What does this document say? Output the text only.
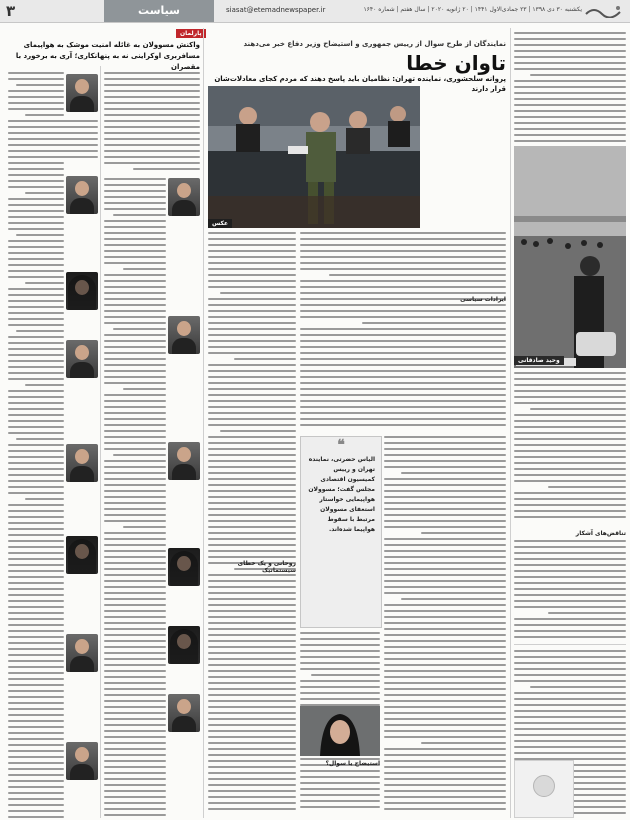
۳	سیاست	siasat@etemadnewspaper.ir	یکشنبه ۳۰ دی ۱۳۹۸ | ۲۳ جمادی‌الاول ۱۴۴۱ | ۲۰ ژانویه ۲۰۲۰ | سال هفتم | شماره ۱۶۴۰
پارلمان
واکنش مسوولان به غائله امنیت موشک به هواپیمای مسافربری اوکراینی نه به پنهانکاری؛ آری به برخورد با مقصران
نمایندگان از طرح سوال از رییس جمهوری و استیضاح وزیر دفاع خبر می‌دهند
تاوان خطا
پروانه سلحشوری، نماینده تهران: نظامیان باید پاسخ دهند که مردم کجای معادلات‌شان قرار دارند
عکس
ایرادات سیاسی
روحانی و یک خطای سیستماتیک
❝
الیاس حضرتی، نماینده تهران و رییس کمیسیون اقتصادی مجلس گفت؛ مسوولان هواپیمایی خواستار استعفای مسوولان مرتبط با سقوط هواپیما شده‌اند.
استیضاح یا سوال؟
وحید صادقانی
تناقض‌های آشکار
